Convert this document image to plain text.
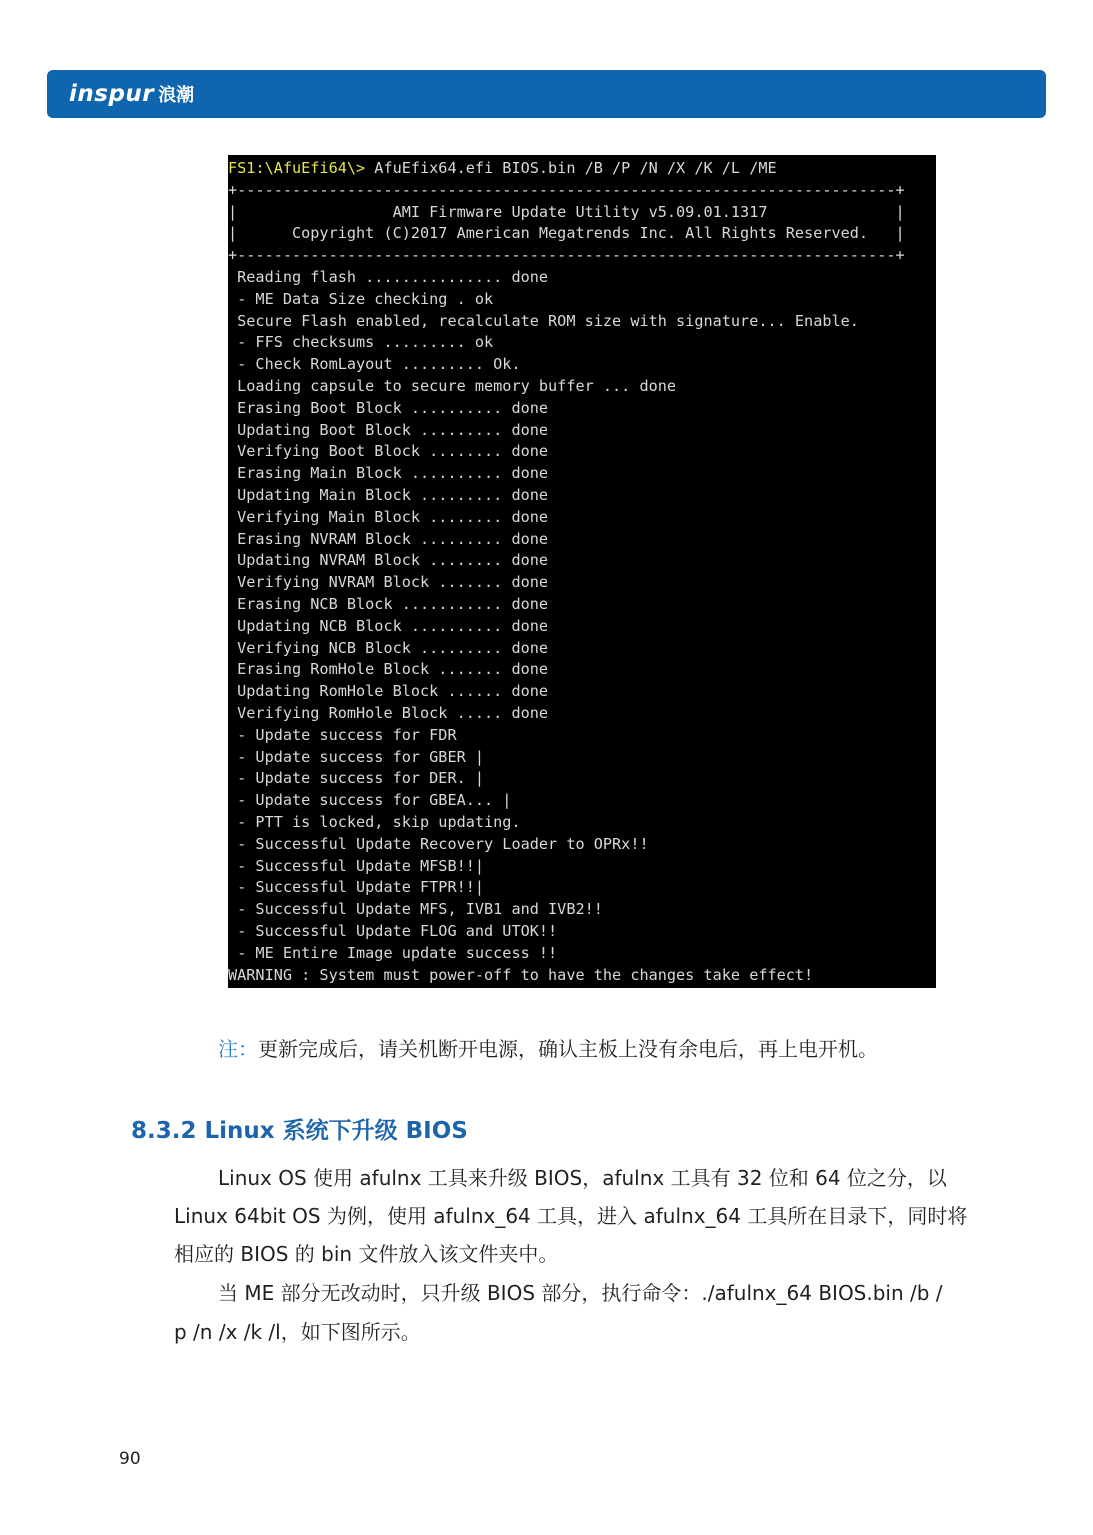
inspur 浪潮
FS1:\AfuEfi64\> AfuEfix64.efi BIOS.bin /B /P /N /X /K /L /ME
+------------------------------------------------------------------------+
|                 AMI Firmware Update Utility v5.09.01.1317              |
|      Copyright (C)2017 American Megatrends Inc. All Rights Reserved.   |
+------------------------------------------------------------------------+
Reading flash ............... done
- ME Data Size checking . ok
Secure Flash enabled, recalculate ROM size with signature... Enable.
- FFS checksums ......... ok
- Check RomLayout ......... Ok.
Loading capsule to secure memory buffer ... done
Erasing Boot Block .......... done
Updating Boot Block ......... done
Verifying Boot Block ........ done
Erasing Main Block .......... done
Updating Main Block ......... done
Verifying Main Block ........ done
Erasing NVRAM Block ......... done
Updating NVRAM Block ........ done
Verifying NVRAM Block ....... done
Erasing NCB Block ........... done
Updating NCB Block .......... done
Verifying NCB Block ......... done
Erasing RomHole Block ....... done
Updating RomHole Block ...... done
Verifying RomHole Block ..... done
- Update success for FDR
- Update success for GBER |
- Update success for DER. |
- Update success for GBEA... |
- PTT is locked, skip updating.
- Successful Update Recovery Loader to OPRx!!
- Successful Update MFSB!!|
- Successful Update FTPR!!|
- Successful Update MFS, IVB1 and IVB2!!
- Successful Update FLOG and UTOK!!
- ME Entire Image update success !!
WARNING : System must power-off to have the changes take effect!
注：更新完成后，请关机断开电源，确认主板上没有余电后，再上电开机。
8.3.2 Linux 系统下升级 BIOS
Linux OS 使用 afulnx 工具来升级 BIOS，afulnx 工具有 32 位和 64 位之分，以
Linux 64bit OS 为例，使用 afulnx_64 工具，进入 afulnx_64 工具所在目录下，同时将
相应的 BIOS 的 bin 文件放入该文件夹中。
当 ME 部分无改动时，只升级 BIOS 部分，执行命令：./afulnx_64 BIOS.bin /b /
p /n /x /k /l，如下图所示。
90
